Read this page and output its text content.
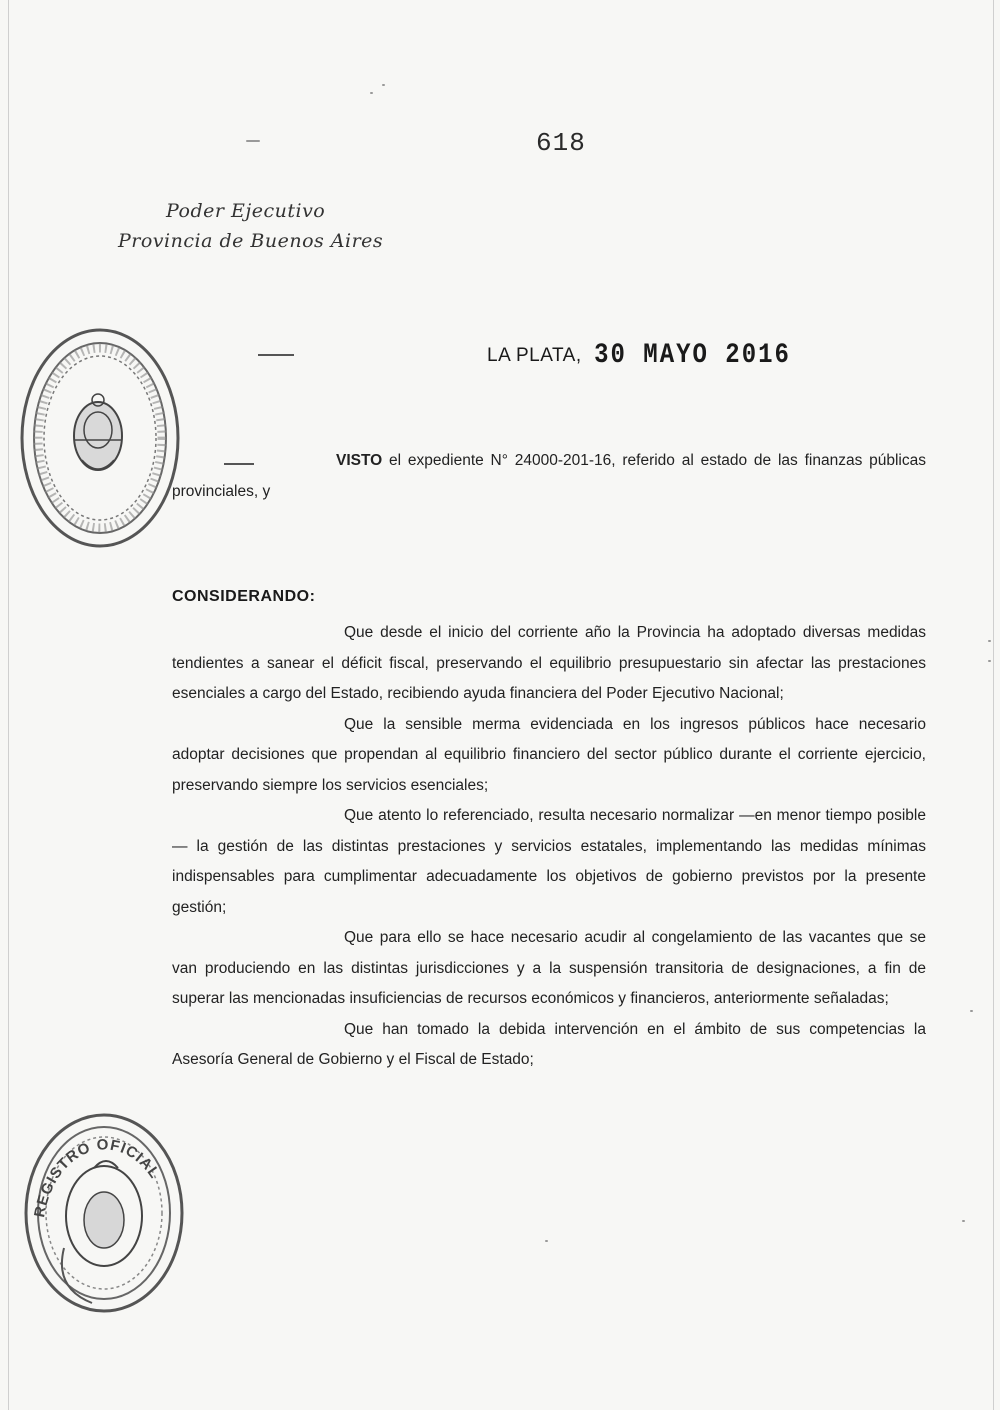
618
Poder Ejecutivo
Provincia de Buenos Aires
REGISTRO OFICIAL
LA PLATA, 30 MAYO 2016

VISTO el expediente N° 24000-201-16, referido al estado de las finanzas públicas provinciales, y

CONSIDERANDO:

Que desde el inicio del corriente año la Provincia ha adoptado diversas medidas tendientes a sanear el déficit fiscal, preservando el equilibrio presupuestario sin afectar las prestaciones esenciales a cargo del Estado, recibiendo ayuda financiera del Poder Ejecutivo Nacional;

Que la sensible merma evidenciada en los ingresos públicos hace necesario adoptar decisiones que propendan al equilibrio financiero del sector público durante el corriente ejercicio, preservando siempre los servicios esenciales;

Que atento lo referenciado, resulta necesario normalizar —en menor tiempo posible— la gestión de las distintas prestaciones y servicios estatales, implementando las medidas mínimas indispensables para cumplimentar adecuadamente los objetivos de gobierno previstos por la presente gestión;

Que para ello se hace necesario acudir al congelamiento de las vacantes que se van produciendo en las distintas jurisdicciones y a la suspensión transitoria de designaciones, a fin de superar las mencionadas insuficiencias de recursos económicos y financieros, anteriormente señaladas;

Que han tomado la debida intervención en el ámbito de sus competencias la Asesoría General de Gobierno y el Fiscal de Estado;
